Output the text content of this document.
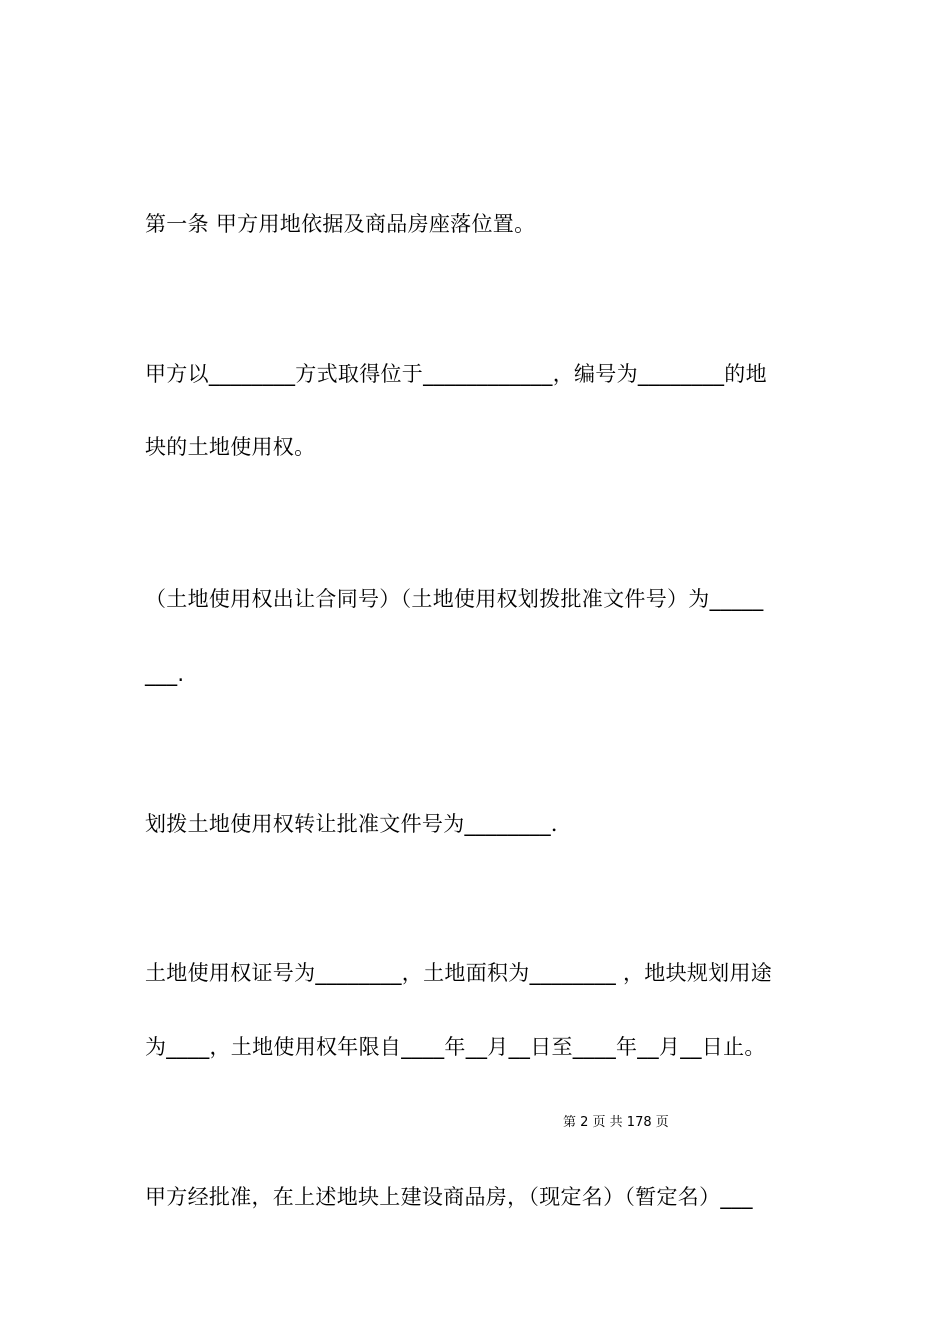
第一条 甲方用地依据及商品房座落位置。
甲方以________方式取得位于____________，编号为________的地
块的土地使用权。
（土地使用权出让合同号）（土地使用权划拨批准文件号）为_____
___.
划拨土地使用权转让批准文件号为________．
土地使用权证号为________，土地面积为________ ，地块规划用途
为____，土地使用权年限自____年__月__日至____年__月__日止。
第 2 页 共 178 页
甲方经批准，在上述地块上建设商品房，（现定名）（暂定名）___
